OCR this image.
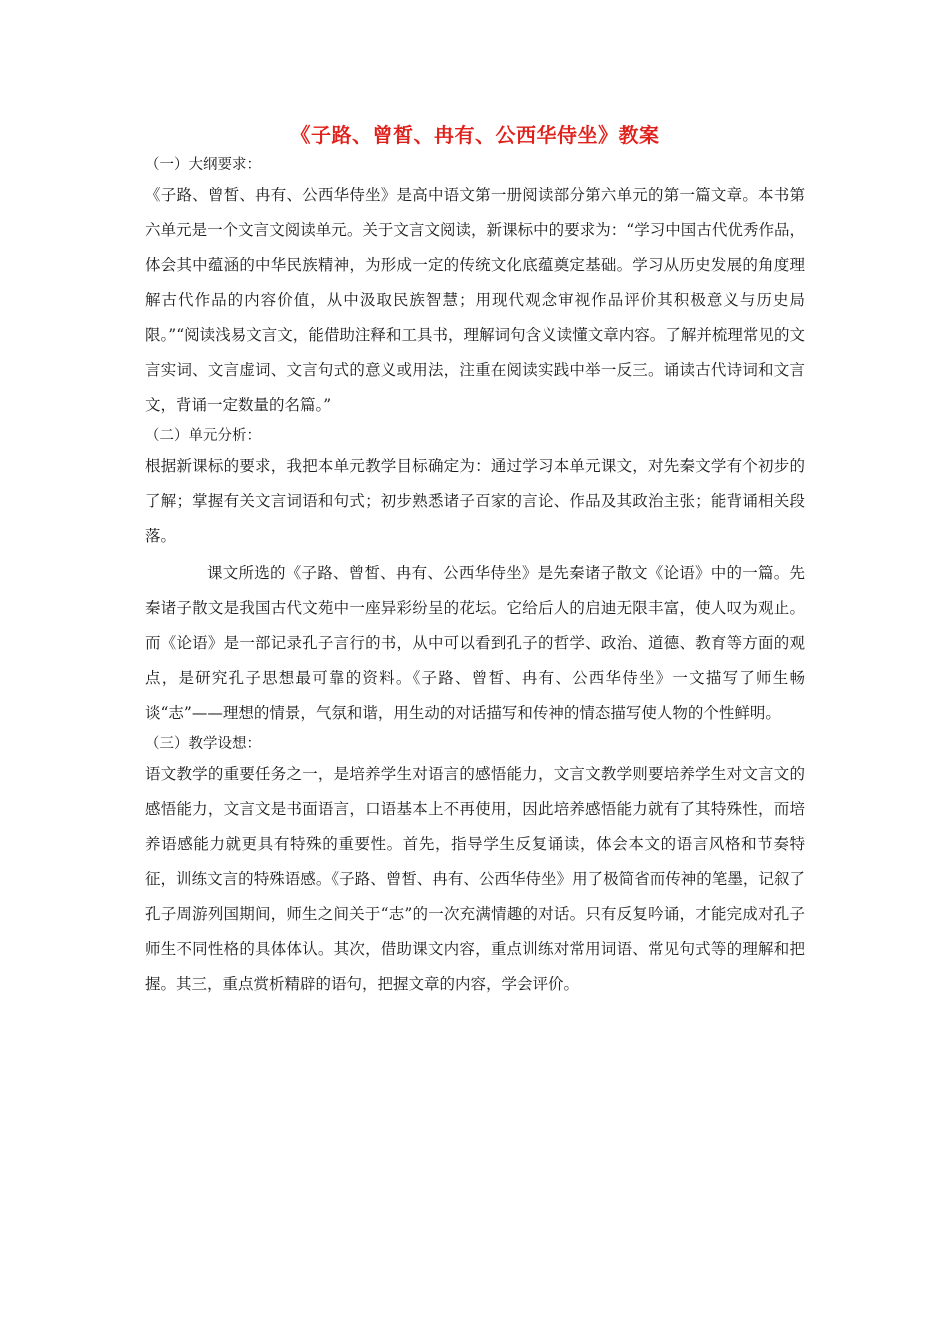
《子路、曾皙、冉有、公西华侍坐》教案

（一）大纲要求：

《子路、曾皙、冉有、公西华侍坐》是高中语文第一册阅读部分第六单元的第一篇文章。本书第六单元是一个文言文阅读单元。关于文言文阅读，新课标中的要求为：“学习中国古代优秀作品，体会其中蕴涵的中华民族精神，为形成一定的传统文化底蕴奠定基础。学习从历史发展的角度理解古代作品的内容价值，从中汲取民族智慧；用现代观念审视作品评价其积极意义与历史局限。”“阅读浅易文言文，能借助注释和工具书，理解词句含义读懂文章内容。了解并梳理常见的文言实词、文言虚词、文言句式的意义或用法，注重在阅读实践中举一反三。诵读古代诗词和文言文，背诵一定数量的名篇。”

（二）单元分析：

根据新课标的要求，我把本单元教学目标确定为：通过学习本单元课文，对先秦文学有个初步的了解；掌握有关文言词语和句式；初步熟悉诸子百家的言论、作品及其政治主张；能背诵相关段落。

课文所选的《子路、曾皙、冉有、公西华侍坐》是先秦诸子散文《论语》中的一篇。先秦诸子散文是我国古代文苑中一座异彩纷呈的花坛。它给后人的启迪无限丰富，使人叹为观止。而《论语》是一部记录孔子言行的书，从中可以看到孔子的哲学、政治、道德、教育等方面的观点，是研究孔子思想最可靠的资料。《子路、曾皙、冉有、公西华侍坐》一文描写了师生畅谈“志”——理想的情景，气氛和谐，用生动的对话描写和传神的情态描写使人物的个性鲜明。

（三）教学设想：

语文教学的重要任务之一，是培养学生对语言的感悟能力，文言文教学则要培养学生对文言文的感悟能力，文言文是书面语言，口语基本上不再使用，因此培养感悟能力就有了其特殊性，而培养语感能力就更具有特殊的重要性。首先，指导学生反复诵读，体会本文的语言风格和节奏特征，训练文言的特殊语感。《子路、曾皙、冉有、公西华侍坐》用了极简省而传神的笔墨，记叙了孔子周游列国期间，师生之间关于“志”的一次充满情趣的对话。只有反复吟诵，才能完成对孔子师生不同性格的具体体认。其次，借助课文内容，重点训练对常用词语、常见句式等的理解和把握。其三，重点赏析精辟的语句，把握文章的内容，学会评价。
